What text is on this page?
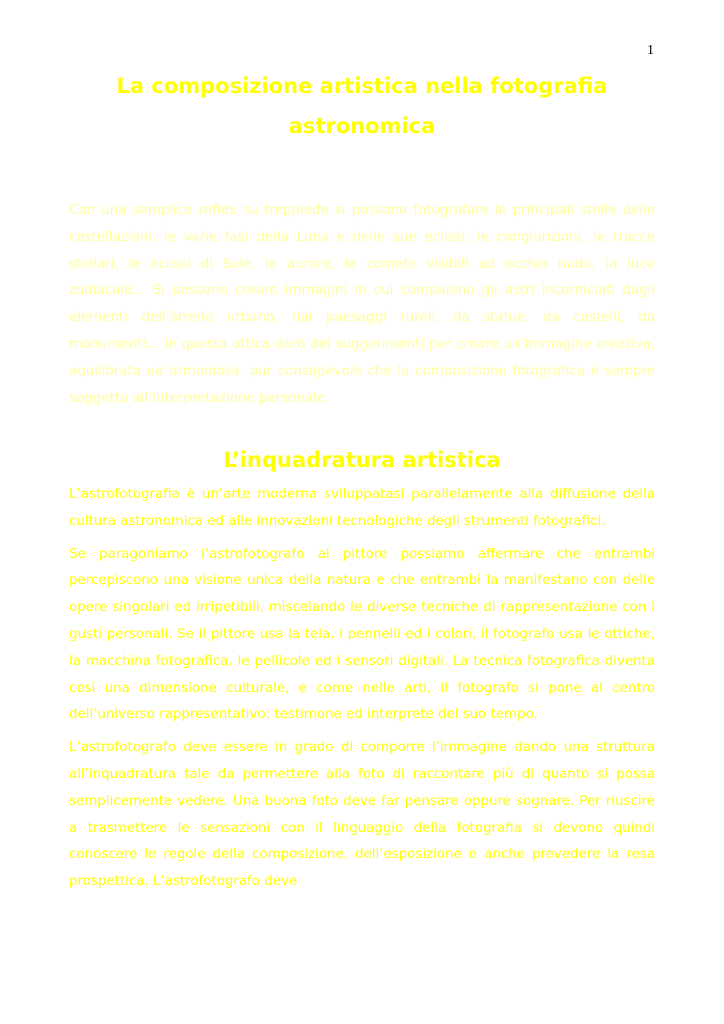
1
La composizione artistica nella fotografia astronomica

Con una semplice reflex su treppiede si possono fotografare le principali stelle delle costellazioni, le varie fasi della Luna e delle sue eclissi, le congiunzioni, le tracce stellari, le eclissi di Sole, le aurore, le comete visibili ad occhio nudo, la luce zodiacale… Si possono creare immagini in cui compaiono gli astri incorniciati dagli elementi dell’arredo urbano, dai paesaggi rurali, da statue, da castelli, da monumenti… In questa ottica darò dei suggerimenti per creare un’immagine creativa, equilibrata ed armoniosa, pur consapevole che la composizione fotografica è sempre soggetta all’interpretazione personale.

L’inquadratura artistica

L’astrofotografia è un’arte moderna sviluppatasi parallelamente alla diffusione della cultura astronomica ed alle innovazioni tecnologiche degli strumenti fotografici.

Se paragoniamo l’astrofotografo al pittore possiamo affermare che entrambi percepiscono una visione unica della natura e che entrambi la manifestano con delle opere singolari ed irripetibili, miscelando le diverse tecniche di rappresentazione con i gusti personali. Se il pittore usa la tela, i pennelli ed i colori, il fotografo usa le ottiche, la macchina fotografica, le pellicole ed i sensori digitali. La tecnica fotografica diventa così una dimensione culturale, e come nelle arti, il fotografo si pone al centro dell’universo rappresentativo: testimone ed interprete del suo tempo.

L’astrofotografo deve essere in grado di comporre l’immagine dando una struttura all’inquadratura tale da permettere alla foto di raccontare più di quanto si possa semplicemente vedere. Una buona foto deve far pensare oppure sognare. Per riuscire a trasmettere le sensazioni con il linguaggio della fotografia si devono quindi conoscere le regole della composizione, dell’esposizione e anche prevedere la resa prospettica. L’astrofotografo deve
